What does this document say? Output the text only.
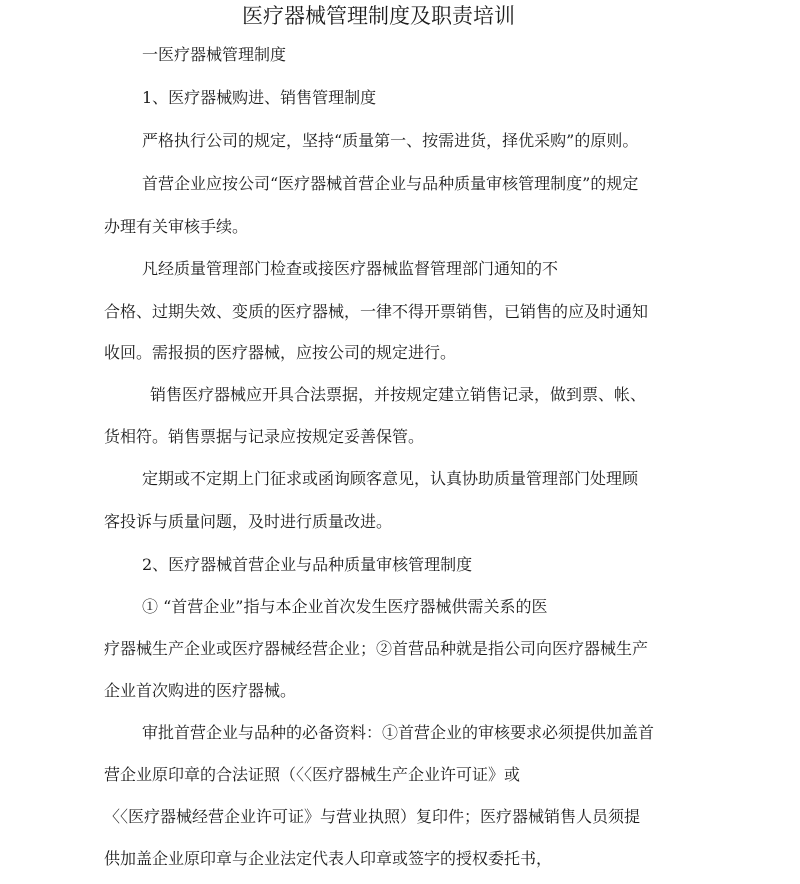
医疗器械管理制度及职责培训
一医疗器械管理制度
1、医疗器械购进、销售管理制度
严格执行公司的规定，坚持“质量第一、按需进货，择优采购”的原则。
首营企业应按公司“医疗器械首营企业与品种质量审核管理制度”的规定
办理有关审核手续。
凡经质量管理部门检查或接医疗器械监督管理部门通知的不
合格、过期失效、变质的医疗器械，一律不得开票销售，已销售的应及时通知
收回。需报损的医疗器械，应按公司的规定进行。
销售医疗器械应开具合法票据，并按规定建立销售记录，做到票、帐、
货相符。销售票据与记录应按规定妥善保管。
定期或不定期上门征求或函询顾客意见，认真协助质量管理部门处理顾
客投诉与质量问题，及时进行质量改进。
2、医疗器械首营企业与品种质量审核管理制度
① “首营企业”指与本企业首次发生医疗器械供需关系的医
疗器械生产企业或医疗器械经营企业；②首营品种就是指公司向医疗器械生产
企业首次购进的医疗器械。
审批首营企业与品种的必备资料：①首营企业的审核要求必须提供加盖首
营企业原印章的合法证照（〈〈医疗器械生产企业许可证》或
〈〈医疗器械经营企业许可证》与营业执照）复印件；医疗器械销售人员须提
供加盖企业原印章与企业法定代表人印章或签字的授权委托书，
